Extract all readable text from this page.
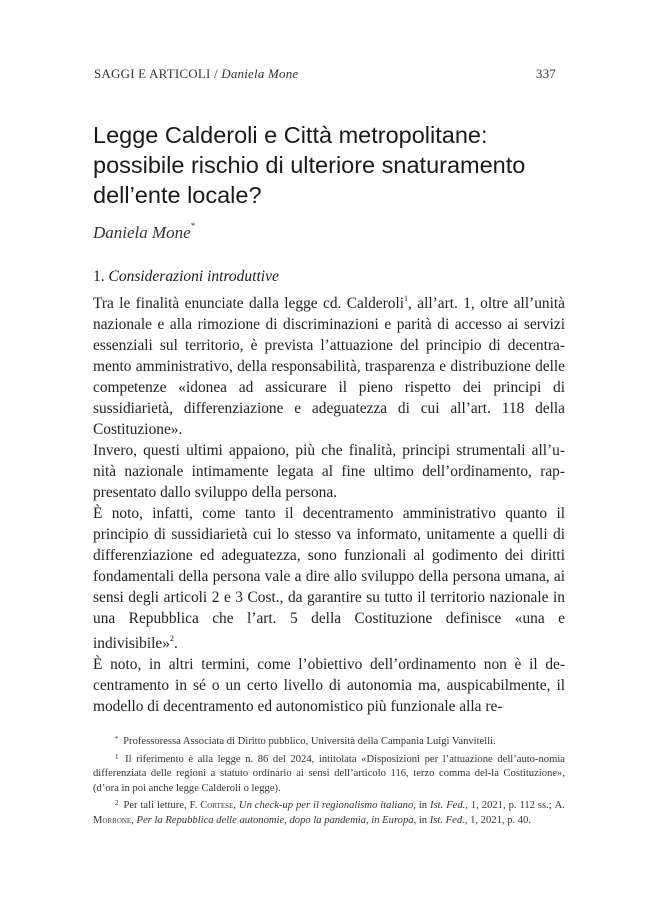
SAGGI E ARTICOLI / Daniela Mone	337
Legge Calderoli e Città metropolitane:
possibile rischio di ulteriore snaturamento
dell’ente locale?
Daniela Mone*
1. Considerazioni introduttive

Tra le finalità enunciate dalla legge cd. Calderoli$^1$, all’art. 1, oltre all’unità nazionale e alla rimozione di discriminazioni e parità di accesso ai servizi essenziali sul territorio, è prevista l’attuazione del principio di decentra-mento amministrativo, della responsabilità, trasparenza e distribuzione delle competenze «idonea ad assicurare il pieno rispetto dei principi di sussidiarietà, differenziazione e adeguatezza di cui all’art. 118 della Costituzione».

Invero, questi ultimi appaiono, più che finalità, principi strumentali all’u-nità nazionale intimamente legata al fine ultimo dell’ordinamento, rap-presentato dallo sviluppo della persona.

È noto, infatti, come tanto il decentramento amministrativo quanto il principio di sussidiarietà cui lo stesso va informato, unitamente a quelli di differenziazione ed adeguatezza, sono funzionali al godimento dei diritti fondamentali della persona vale a dire allo sviluppo della persona umana, ai sensi degli articoli 2 e 3 Cost., da garantire su tutto il territorio nazionale in una Repubblica che l’art. 5 della Costituzione definisce «una e indivisibile»$^2$.

È noto, in altri termini, come l’obiettivo dell’ordinamento non è il de-centramento in sé o un certo livello di autonomia ma, auspicabilmente, il modello di decentramento ed autonomistico più funzionale alla re-

* Professoressa Associata di Diritto pubblico, Università della Campania Luigi Vanvitelli.

$^1$ Il riferimento è alla legge n. 86 del 2024, intitolata «Disposizioni per l’attuazione dell’auto-nomia differenziata delle regioni a statuto ordinario ai sensi dell’articolo 116, terzo comma del-la Costituzione», (d’ora in poi anche legge Calderoli o legge).

$^2$ Per tali letture, F. Cortese, Un check-up per il regionalismo italiano, in Ist. Fed., 1, 2021, p. 112 ss.; A. Morrone, Per la Repubblica delle autonomie, dopo la pandemia, in Europa, in Ist. Fed., 1, 2021, p. 40.
